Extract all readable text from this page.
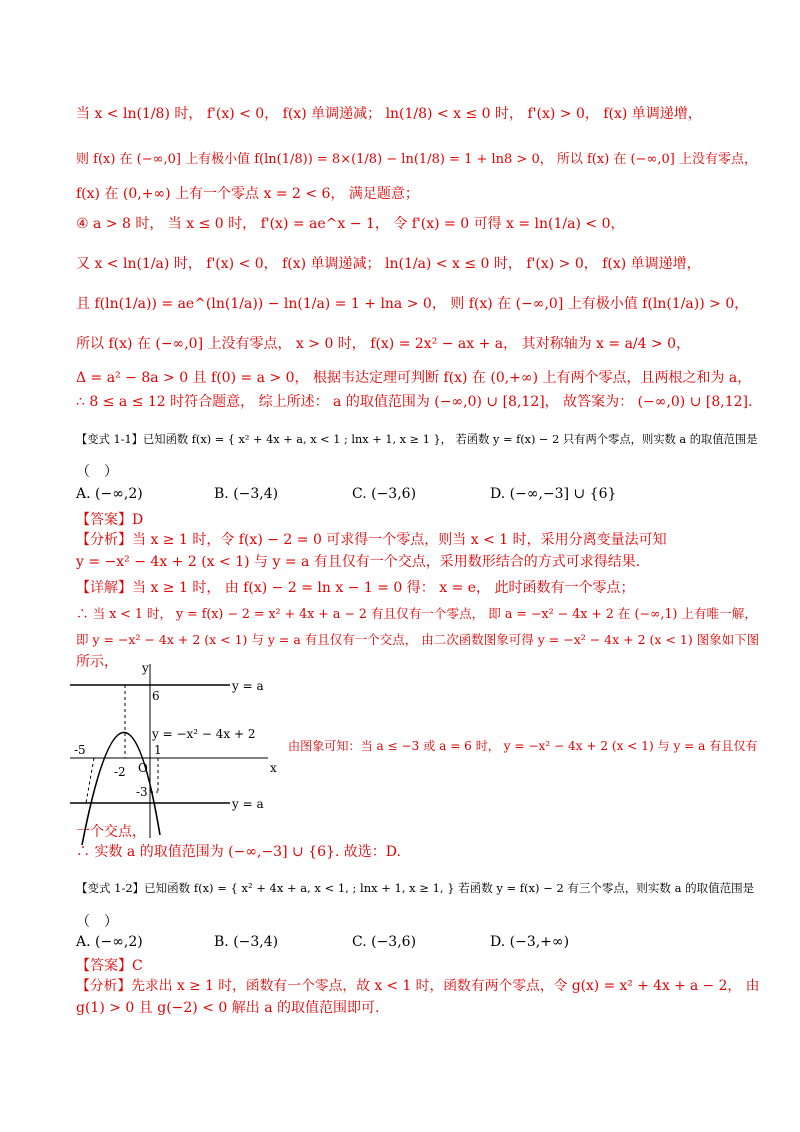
当 x < ln(1/8) 时， f'(x) < 0， f(x) 单调递减； ln(1/8) < x ≤ 0 时， f'(x) > 0， f(x) 单调递增，
则 f(x) 在 (−∞,0] 上有极小值 f(ln(1/8)) = 8×(1/8) − ln(1/8) = 1 + ln8 > 0， 所以 f(x) 在 (−∞,0] 上没有零点，
f(x) 在 (0,+∞) 上有一个零点 x = 2 < 6， 满足题意；
④ a > 8 时， 当 x ≤ 0 时， f'(x) = ae^x − 1， 令 f'(x) = 0 可得 x = ln(1/a) < 0，
又 x < ln(1/a) 时， f'(x) < 0， f(x) 单调递减； ln(1/a) < x ≤ 0 时， f'(x) > 0， f(x) 单调递增，
且 f(ln(1/a)) = ae^(ln(1/a)) − ln(1/a) = 1 + lna > 0， 则 f(x) 在 (−∞,0] 上有极小值 f(ln(1/a)) > 0，
所以 f(x) 在 (−∞,0] 上没有零点， x > 0 时， f(x) = 2x² − ax + a， 其对称轴为 x = a/4 > 0，
Δ = a² − 8a > 0 且 f(0) = a > 0， 根据韦达定理可判断 f(x) 在 (0,+∞) 上有两个零点，且两根之和为 a，
∴ 8 ≤ a ≤ 12 时符合题意， 综上所述： a 的取值范围为 (−∞,0) ∪ [8,12]， 故答案为： (−∞,0) ∪ [8,12].
【变式 1-1】已知函数 f(x) = { x² + 4x + a, x < 1 ; lnx + 1, x ≥ 1 }， 若函数 y = f(x) − 2 只有两个零点，则实数 a 的取值范围是
（　）
【答案】D
【分析】当 x ≥ 1 时，令 f(x) − 2 = 0 可求得一个零点，则当 x < 1 时，采用分离变量法可知
y = −x² − 4x + 2 (x < 1) 与 y = a 有且仅有一个交点，采用数形结合的方式可求得结果.
【详解】当 x ≥ 1 时， 由 f(x) − 2 = ln x − 1 = 0 得： x = e， 此时函数有一个零点；
∴ 当 x < 1 时， y = f(x) − 2 = x² + 4x + a − 2 有且仅有一个零点， 即 a = −x² − 4x + 2 在 (−∞,1) 上有唯一解，
即 y = −x² − 4x + 2 (x < 1) 与 y = a 有且仅有一个交点， 由二次函数图象可得 y = −x² − 4x + 2 (x < 1) 图象如下图
所示，
由图象可知：当 a ≤ −3 或 a = 6 时， y = −x² − 4x + 2 (x < 1) 与 y = a 有且仅有
一个交点，
∴ 实数 a 的取值范围为 (−∞,−3] ∪ {6}. 故选：D.
【变式 1-2】已知函数 f(x) = { x² + 4x + a, x < 1, ; lnx + 1, x ≥ 1, } 若函数 y = f(x) − 2 有三个零点，则实数 a 的取值范围是
（　）
【答案】C
【分析】先求出 x ≥ 1 时，函数有一个零点，故 x < 1 时，函数有两个零点，令 g(x) = x² + 4x + a − 2， 由
g(1) > 0 且 g(−2) < 0 解出 a 的取值范围即可.
A. (−∞,2)	B. (−3,4)	C. (−3,6)	D. (−∞,−3] ∪ {6}
A. (−∞,2)	B. (−3,4)	C. (−3,6)	D. (−3,+∞)
y = a
y = a
y = −x² − 4x + 2
6
1
-5
-2 O
-3
x
y
